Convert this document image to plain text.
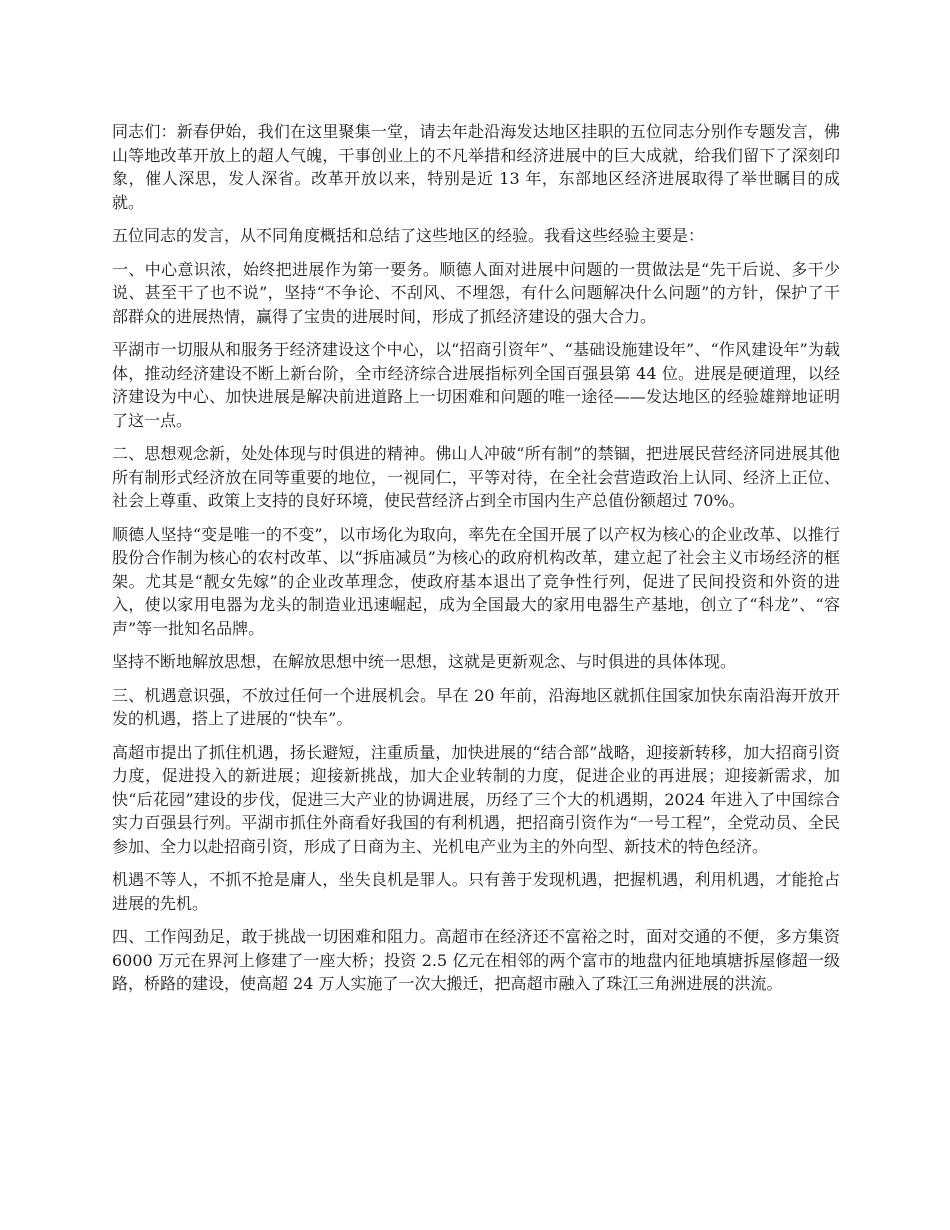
同志们：新春伊始，我们在这里聚集一堂，请去年赴沿海发达地区挂职的五位同志分别作专题发言，佛山等地改革开放上的超人气魄，干事创业上的不凡举措和经济进展中的巨大成就，给我们留下了深刻印象，催人深思，发人深省。改革开放以来，特别是近 13 年，东部地区经济进展取得了举世瞩目的成就。

五位同志的发言，从不同角度概括和总结了这些地区的经验。我看这些经验主要是：

一、中心意识浓，始终把进展作为第一要务。顺德人面对进展中问题的一贯做法是“先干后说、多干少说、甚至干了也不说”，坚持“不争论、不刮风、不埋怨，有什么问题解决什么问题”的方针，保护了干部群众的进展热情，赢得了宝贵的进展时间，形成了抓经济建设的强大合力。

平湖市一切服从和服务于经济建设这个中心，以“招商引资年”、“基础设施建设年”、“作风建设年”为载体，推动经济建设不断上新台阶，全市经济综合进展指标列全国百强县第 44 位。进展是硬道理，以经济建设为中心、加快进展是解决前进道路上一切困难和问题的唯一途径——发达地区的经验雄辩地证明了这一点。

二、思想观念新，处处体现与时俱进的精神。佛山人冲破“所有制”的禁锢，把进展民营经济同进展其他所有制形式经济放在同等重要的地位，一视同仁，平等对待，在全社会营造政治上认同、经济上正位、社会上尊重、政策上支持的良好环境，使民营经济占到全市国内生产总值份额超过 70%。

顺德人坚持“变是唯一的不变”，以市场化为取向，率先在全国开展了以产权为核心的企业改革、以推行股份合作制为核心的农村改革、以“拆庙减员”为核心的政府机构改革，建立起了社会主义市场经济的框架。尤其是“靓女先嫁”的企业改革理念，使政府基本退出了竞争性行列，促进了民间投资和外资的进入，使以家用电器为龙头的制造业迅速崛起，成为全国最大的家用电器生产基地，创立了“科龙”、“容声”等一批知名品牌。

坚持不断地解放思想，在解放思想中统一思想，这就是更新观念、与时俱进的具体体现。

三、机遇意识强，不放过任何一个进展机会。早在 20 年前，沿海地区就抓住国家加快东南沿海开放开发的机遇，搭上了进展的“快车”。

高超市提出了抓住机遇，扬长避短，注重质量，加快进展的“结合部”战略，迎接新转移，加大招商引资力度，促进投入的新进展；迎接新挑战，加大企业转制的力度，促进企业的再进展；迎接新需求，加快“后花园”建设的步伐，促进三大产业的协调进展，历经了三个大的机遇期，2024 年进入了中国综合实力百强县行列。平湖市抓住外商看好我国的有利机遇，把招商引资作为“一号工程”，全党动员、全民参加、全力以赴招商引资，形成了日商为主、光机电产业为主的外向型、新技术的特色经济。

机遇不等人，不抓不抢是庸人，坐失良机是罪人。只有善于发现机遇，把握机遇，利用机遇，才能抢占进展的先机。

四、工作闯劲足，敢于挑战一切困难和阻力。高超市在经济还不富裕之时，面对交通的不便，多方集资 6000 万元在界河上修建了一座大桥；投资 2.5 亿元在相邻的两个富市的地盘内征地填塘拆屋修超一级路，桥路的建设，使高超 24 万人实施了一次大搬迁，把高超市融入了珠江三角洲进展的洪流。
